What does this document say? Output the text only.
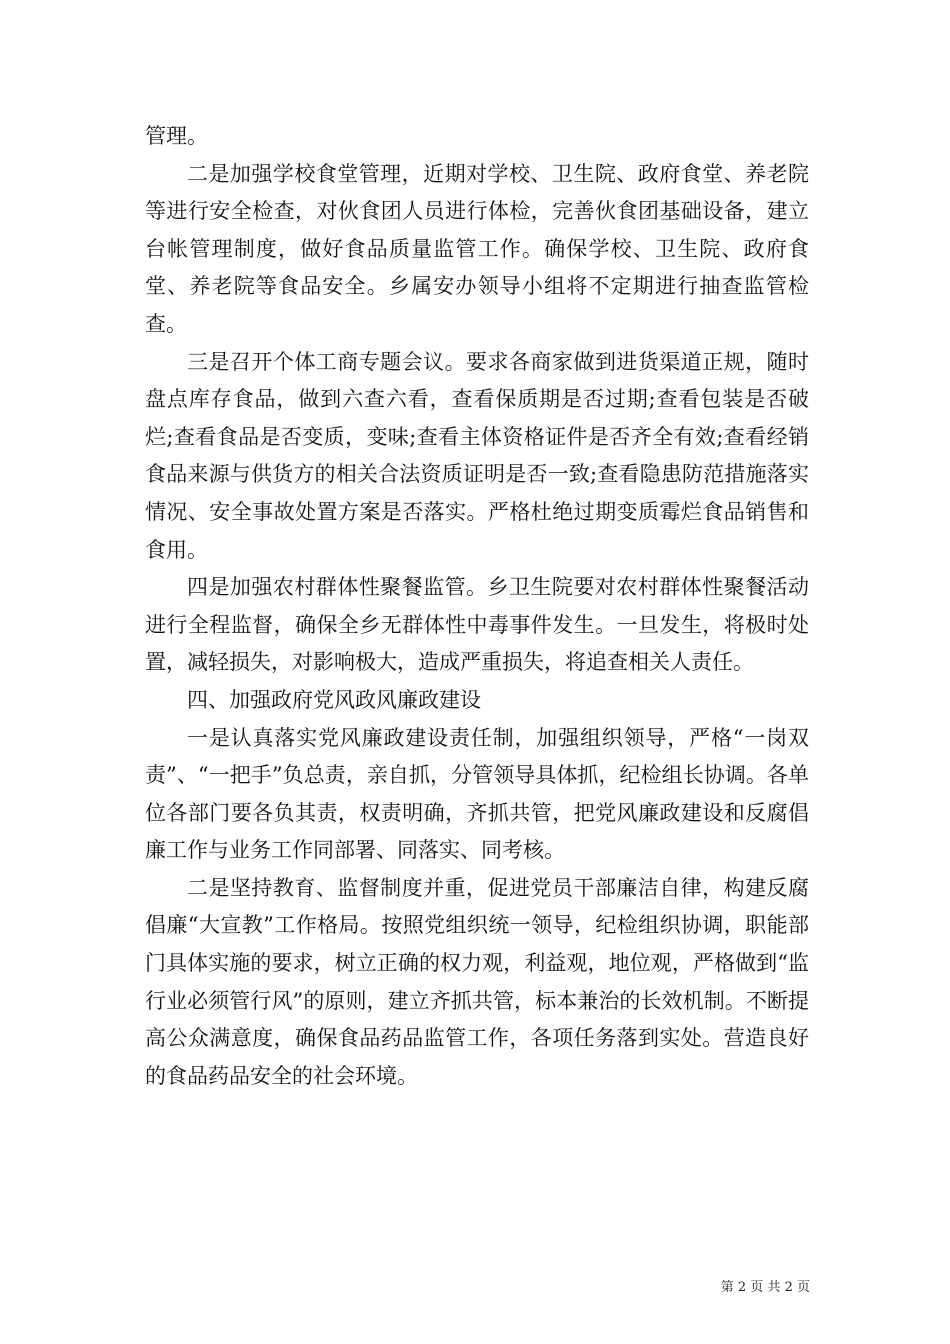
管理。

二是加强学校食堂管理，近期对学校、卫生院、政府食堂、养老院等进行安全检查，对伙食团人员进行体检，完善伙食团基础设备，建立台帐管理制度，做好食品质量监管工作。确保学校、卫生院、政府食堂、养老院等食品安全。乡属安办领导小组将不定期进行抽查监管检查。

三是召开个体工商专题会议。要求各商家做到进货渠道正规，随时盘点库存食品，做到六查六看，查看保质期是否过期;查看包装是否破烂;查看食品是否变质，变味;查看主体资格证件是否齐全有效;查看经销食品来源与供货方的相关合法资质证明是否一致;查看隐患防范措施落实情况、安全事故处置方案是否落实。严格杜绝过期变质霉烂食品销售和食用。

四是加强农村群体性聚餐监管。乡卫生院要对农村群体性聚餐活动进行全程监督，确保全乡无群体性中毒事件发生。一旦发生，将极时处置，减轻损失，对影响极大，造成严重损失，将追查相关人责任。

四、加强政府党风政风廉政建设

一是认真落实党风廉政建设责任制，加强组织领导，严格“一岗双责”、“一把手”负总责，亲自抓，分管领导具体抓，纪检组长协调。各单位各部门要各负其责，权责明确，齐抓共管，把党风廉政建设和反腐倡廉工作与业务工作同部署、同落实、同考核。

二是坚持教育、监督制度并重，促进党员干部廉洁自律，构建反腐倡廉“大宣教”工作格局。按照党组织统一领导，纪检组织协调，职能部门具体实施的要求，树立正确的权力观，利益观，地位观，严格做到“监行业必须管行风”的原则，建立齐抓共管，标本兼治的长效机制。不断提高公众满意度，确保食品药品监管工作，各项任务落到实处。营造良好的食品药品安全的社会环境。

第 2 页 共 2 页
